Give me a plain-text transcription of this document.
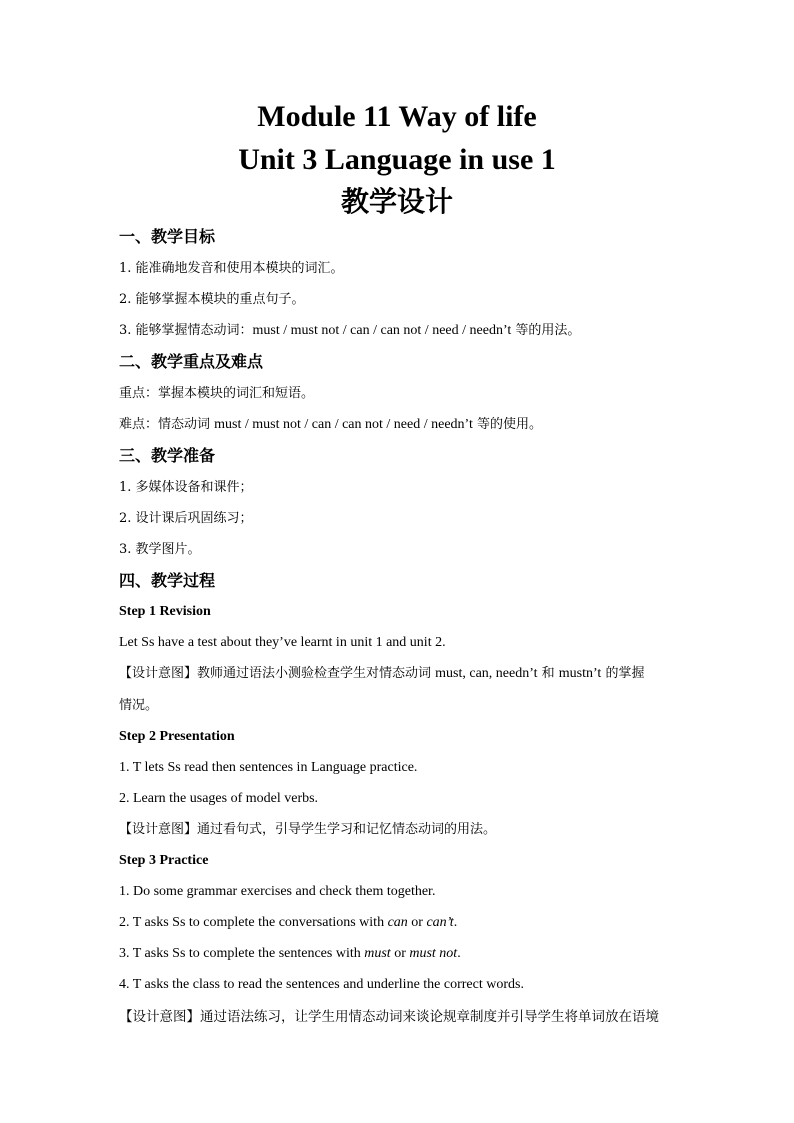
Module 11 Way of life
Unit 3 Language in use 1
教学设计
一、教学目标
1. 能准确地发音和使用本模块的词汇。
2. 能够掌握本模块的重点句子。
3. 能够掌握情态动词：must / must not / can / can not / need / needn’t 等的用法。
二、教学重点及难点
重点：掌握本模块的词汇和短语。
难点：情态动词 must / must not / can / can not / need / needn’t 等的使用。
三、教学准备
1. 多媒体设备和课件；
2. 设计课后巩固练习；
3. 教学图片。
四、教学过程
Step 1 Revision
Let Ss have a test about they’ve learnt in unit 1 and unit 2.
【设计意图】教师通过语法小测验检查学生对情态动词 must, can, needn’t 和 mustn’t 的掌握
情况。
Step 2 Presentation
1. T lets Ss read then sentences in Language practice.
2. Learn the usages of model verbs.
【设计意图】通过看句式，引导学生学习和记忆情态动词的用法。
Step 3 Practice
1. Do some grammar exercises and check them together.
2. T asks Ss to complete the conversations with can or can’t.
3. T asks Ss to complete the sentences with must or must not.
4. T asks the class to read the sentences and underline the correct words.
【设计意图】通过语法练习，让学生用情态动词来谈论规章制度并引导学生将单词放在语境
